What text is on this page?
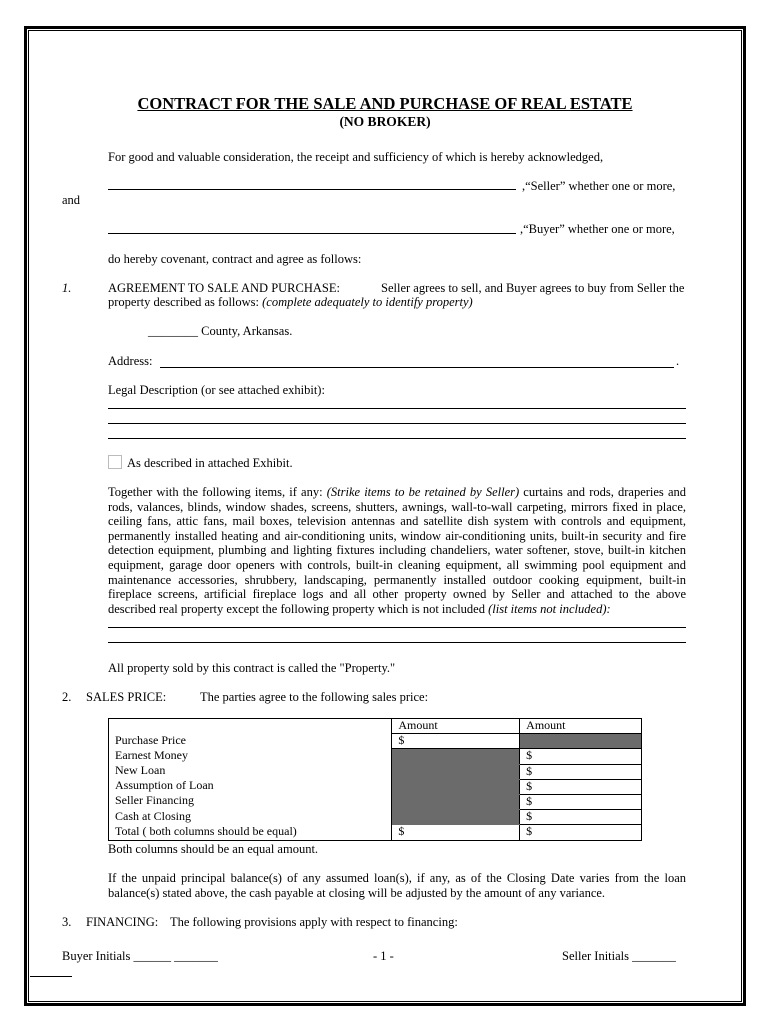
CONTRACT FOR THE SALE AND PURCHASE OF REAL ESTATE
(NO BROKER)
For good and valuable consideration, the receipt and sufficiency of which is hereby acknowledged,
,“Seller” whether one or more,
and
,“Buyer” whether one or more,
do hereby covenant, contract and agree as follows:
1.	AGREEMENT TO SALE AND PURCHASE:	Seller agrees to sell, and Buyer agrees to buy from Seller the
property described as follows: (complete adequately to identify property)
________ County, Arkansas.
Address:	.
Legal Description (or see attached exhibit):
As described in attached Exhibit.
Together with the following items, if any: (Strike items to be retained by Seller) curtains and rods, draperies and rods, valances, blinds, window shades, screens, shutters, awnings, wall-to-wall carpeting, mirrors fixed in place, ceiling fans, attic fans, mail boxes, television antennas and satellite dish system with controls and equipment, permanently installed heating and air-conditioning units, window air-conditioning units, built-in security and fire detection equipment, plumbing and lighting fixtures including chandeliers, water softener, stove, built-in kitchen equipment, garage door openers with controls, built-in cleaning equipment, all swimming pool equipment and maintenance accessories, shrubbery, landscaping, permanently installed outdoor cooking equipment, built-in fireplace screens, artificial fireplace logs and all other property owned by Seller and attached to the above described real property except the following property which is not included (list items not included):
All property sold by this contract is called the "Property."
2. SALES PRICE:	The parties agree to the following sales price:
	Amount	Amount
Purchase Price	$	
Earnest Money		$
New Loan		$
Assumption of Loan		$
Seller Financing		$
Cash at Closing		$
Total ( both columns should be equal)	$	$
Both columns should be an equal amount.
If the unpaid principal balance(s) of any assumed loan(s), if any, as of the Closing Date varies from the loan balance(s) stated above, the cash payable at closing will be adjusted by the amount of any variance.
3. FINANCING: The following provisions apply with respect to financing:
Buyer Initials ______ _______	- 1 -	Seller Initials _______
